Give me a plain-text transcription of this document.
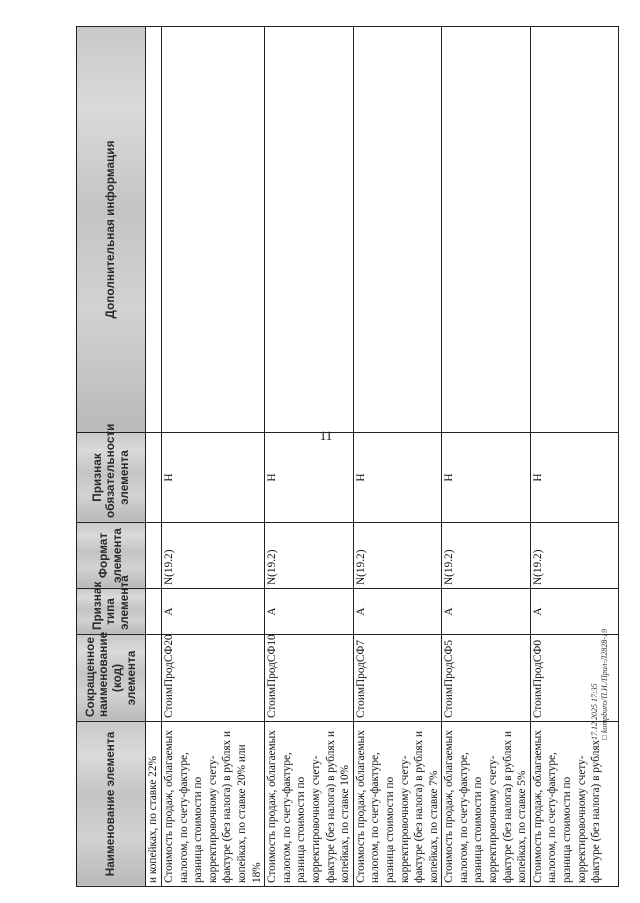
11
Наименование элемента	Сокращенное наименование (код) элемента	Признак типа элемента	Формат элемента	Признак обязательности элемента	Дополнительная информация
и копейках, по ставке 22%					
Стоимость продаж, облагаемых налогом, по счету-фактуре, разница стоимости по корректировочному счету-фактуре (без налога) в рублях и копейках, по ставке 20% или 18%	СтоимПродСФ20	А	N(19.2)	Н	
Стоимость продаж, облагаемых налогом, по счету-фактуре, разница стоимости по корректировочному счету-фактуре (без налога) в рублях и копейках, по ставке 10%	СтоимПродСФ10	А	N(19.2)	Н	
Стоимость продаж, облагаемых налогом, по счету-фактуре, разница стоимости по корректировочному счету-фактуре (без налога) в рублях и копейках, по ставке 7%	СтоимПродСФ7	А	N(19.2)	Н	
Стоимость продаж, облагаемых налогом, по счету-фактуре, разница стоимости по корректировочному счету-фактуре (без налога) в рублях и копейках, по ставке 5%	СтоимПродСФ5	А	N(19.2)	Н	
Стоимость продаж, облагаемых налогом, по счету-фактуре, разница стоимости по корректировочному счету-фактуре (без налога) в рублях	СтоимПродСФ0	А	N(19.2)	Н	
17.12.2025 17:35 □ kompburo/П.И./Прил-Л2828-19
